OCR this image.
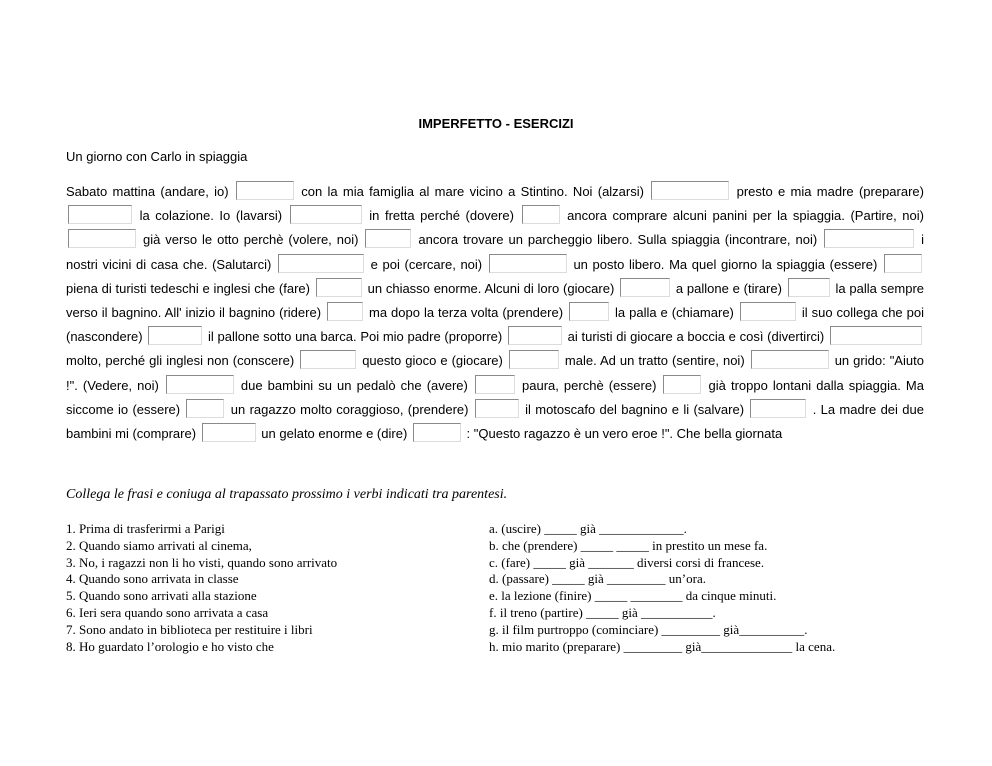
IMPERFETTO - ESERCIZI
Un giorno con Carlo in spiaggia
Sabato mattina (andare, io)	con la mia famiglia al mare vicino a Stintino. Noi (alzarsi)	presto e mia madre (preparare)  la colazione. Io (lavarsi)	in fretta perché (dovere)	ancora comprare alcuni panini per la spiaggia. (Partire, noi)  già verso le otto perchè (volere, noi)	ancora trovare un parcheggio libero. Sulla spiaggia (incontrare, noi)	i nostri vicini di casa che. (Salutarci)	e poi (cercare, noi)	un posto libero. Ma quel giorno la spiaggia (essere)  piena di turisti tedeschi e inglesi che (fare)	un chiasso enorme. Alcuni di loro (giocare)	a pallone e (tirare)	la palla sempre verso il bagnino. All' inizio il bagnino (ridere)	ma dopo la terza volta (prendere)	la palla e (chiamare)	il suo collega che poi (nascondere)	il pallone sotto una barca. Poi mio padre (proporre)	ai turisti di giocare a boccia e così (divertirci)  molto, perché gli inglesi non (conscere)	questo gioco e (giocare)	male. Ad un tratto (sentire, noi)	un grido: "Aiuto !". (Vedere, noi)	due bambini su un pedalò che (avere)	paura, perchè (essere)	già troppo lontani dalla spiaggia. Ma siccome io (essere)	un ragazzo molto coraggioso, (prendere)	il motoscafo del bagnino e li (salvare)	. La madre dei due bambini mi (comprare)	un gelato enorme e (dire)	: "Questo ragazzo è un vero eroe !". Che bella giornata
Collega le frasi e coniuga al trapassato prossimo i verbi indicati tra parentesi.
1. Prima di trasferirmi a Parigi
2. Quando siamo arrivati al cinema,
3. No, i ragazzi non li ho visti, quando sono arrivato
4. Quando sono arrivata in classe
5. Quando sono arrivati alla stazione
6. Ieri sera quando sono arrivata a casa
7. Sono andato in biblioteca per restituire i libri
8. Ho guardato l’orologio e ho visto che
a. (uscire) _____ già _____________.
b. che (prendere) _____ _____ in prestito un mese fa.
c. (fare) _____ già _______ diversi corsi di francese.
d. (passare) _____ già _________ un’ora.
e. la lezione (finire) _____ ________ da cinque minuti.
f. il treno (partire) _____ già ___________.
g. il film purtroppo (cominciare) _________ già__________.
h. mio marito (preparare) _________ già______________ la cena.
